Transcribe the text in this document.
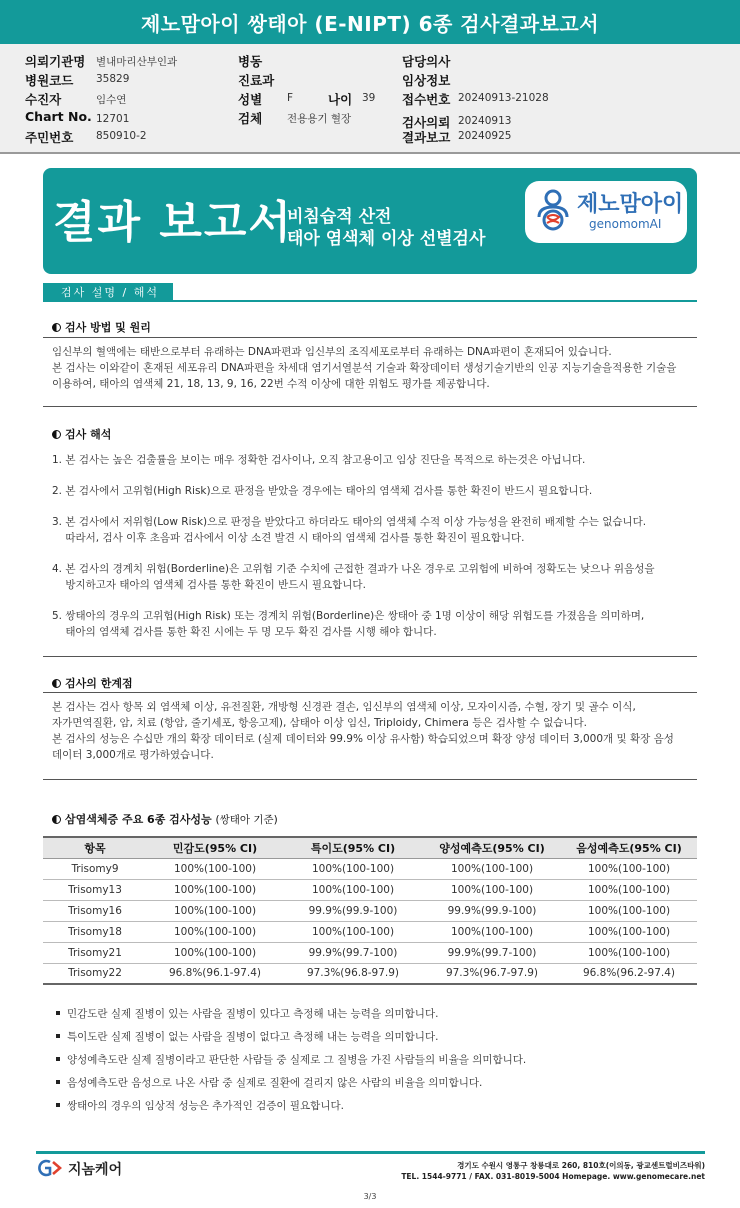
제노맘아이 쌍태아 (E-NIPT) 6종 검사결과보고서
의뢰기관명 별내마리산부인과	병동	담당의사
병원코드 35829	진료과	임상정보
수진자	임수연	성별 F	나이 39 접수번호 20240913-21028
Chart No. 12701	검체 전용용기 혈장	검사의뢰 20240913
주민번호 850910-2	결과보고 20240925
결과 보고서
비침습적 산전
태아 염색체 이상 선별검사
제노맘아이
genomomAI
검사 설명 / 해석
검사 방법 및 원리
임신부의 혈액에는 태반으로부터 유래하는 DNA파편과 임신부의 조직세포로부터 유래하는 DNA파편이 혼재되어 있습니다.
본 검사는 이와같이 혼재된 세포유리 DNA파편을 차세대 염기서열분석 기술과 확장데이터 생성기술기반의 인공 지능기술을적용한 기술을
이용하여, 태아의 염색체 21, 18, 13, 9, 16, 22번 수적 이상에 대한 위험도 평가를 제공합니다.
검사 해석
1. 본 검사는 높은 검출률을 보이는 매우 정확한 검사이나, 오직 참고용이고 임상 진단을 목적으로 하는것은 아닙니다.
2. 본 검사에서 고위험(High Risk)으로 판정을 받았을 경우에는 태아의 염색체 검사를 통한 확진이 반드시 필요합니다.
3. 본 검사에서 저위험(Low Risk)으로 판정을 받았다고 하더라도 태아의 염색체 수적 이상 가능성을 완전히 배제할 수는 없습니다.
따라서, 검사 이후 초음파 검사에서 이상 소견 발견 시 태아의 염색체 검사를 통한 확진이 필요합니다.
4. 본 검사의 경계치 위험(Borderline)은 고위험 기준 수치에 근접한 결과가 나온 경우로 고위험에 비하여 정확도는 낮으나 위음성을
방지하고자 태아의 염색체 검사를 통한 확진이 반드시 필요합니다.
5. 쌍태아의 경우의 고위험(High Risk) 또는 경계치 위험(Borderline)은 쌍태아 중 1명 이상이 해당 위험도를 가졌음을 의미하며,
태아의 염색체 검사를 통한 확진 시에는 두 명 모두 확진 검사를 시행 해야 합니다.
검사의 한계점
본 검사는 검사 항목 외 염색체 이상, 유전질환, 개방형 신경관 결손, 임신부의 염색체 이상, 모자이시즘, 수혈, 장기 및 골수 이식,
자가면역질환, 암, 치료 (항암, 줄기세포, 항응고제), 삼태아 이상 임신, Triploidy, Chimera 등은 검사할 수 없습니다.
본 검사의 성능은 수십만 개의 확장 데이터로 (실제 데이터와 99.9% 이상 유사함) 학습되었으며 확장 양성 데이터 3,000개 및 확장 음성
데이터 3,000개로 평가하였습니다.
삼염색체증 주요 6종 검사성능 (쌍태아 기준)
항목	민감도(95% CI)	특이도(95% CI)	양성예측도(95% CI)	음성예측도(95% CI)
Trisomy9	100%(100-100)	100%(100-100)	100%(100-100)	100%(100-100)
Trisomy13	100%(100-100)	100%(100-100)	100%(100-100)	100%(100-100)
Trisomy16	100%(100-100)	99.9%(99.9-100)	99.9%(99.9-100)	100%(100-100)
Trisomy18	100%(100-100)	100%(100-100)	100%(100-100)	100%(100-100)
Trisomy21	100%(100-100)	99.9%(99.7-100)	99.9%(99.7-100)	100%(100-100)
Trisomy22	96.8%(96.1-97.4)	97.3%(96.8-97.9)	97.3%(96.7-97.9)	96.8%(96.2-97.4)
민감도란 실제 질병이 있는 사람을 질병이 있다고 측정해 내는 능력을 의미합니다.
특이도란 실제 질병이 없는 사람을 질병이 없다고 측정해 내는 능력을 의미합니다.
양성예측도란 실제 질병이라고 판단한 사람들 중 실제로 그 질병을 가진 사람들의 비율을 의미합니다.
음성예측도란 음성으로 나온 사람 중 실제로 질환에 걸리지 않은 사람의 비율을 의미합니다.
쌍태아의 경우의 임상적 성능은 추가적인 검증이 필요합니다.
지놈케어	경기도 수원시 영통구 창룡대로 260, 810호(이의동, 광교센트럴비즈타워)
TEL. 1544-9771 / FAX. 031-8019-5004 Homepage. www.genomecare.net
3/3
